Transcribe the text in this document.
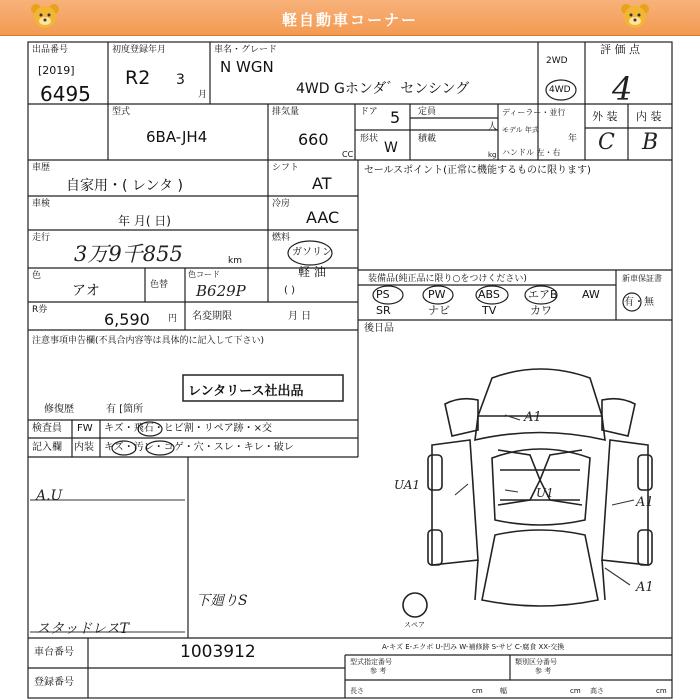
軽自動車コーナー
出品番号
[2019]
6495
初度登録年月
R2 3
月
車名・グレード
N WGN
4WD Gホンダ゛センシング
2WD
4WD
評 価 点
4
型式
6BA-JH4
排気量
660
CC
ドア 5 定員
人
形状
W
積載
kg
ディーラー・並行
モデル 年式
年
ハンドル 左・右
外 装 内 装
C B
車歴
自家用・( レンタ )
シフト
AT
車検
年 月( 日)
冷房
AAC
走行
3万9千855	km
燃料
ガソリン
軽 油
( )
色
アオ	色替
色コード
B629P
R券	6,590 円 名変期限	月 日
注意事項申告欄(不具合内容等は具体的に記入して下さい)
レンタリース社出品
修復歴	有 [箇所
検査員
記入欄
FW キズ・飛石・ヒビ割・リペア跡・×交
内装 キズ・汚レ・コゲ・穴・スレ・キレ・破レ
A.U
下廻りS
スタッドレスT
セールスポイント(正常に機能するものに限ります)
装備品(純正品に限り○をつけください)	新車保証書
有・無
PS	PW	ABS	エアB AW
SR	ナビ	TV	カワ
後日品
A1
UA1
U1
A1
A1
スペア
A-キズ E-エクボ U-凹み W-補修跡 S-サビ C-腐食 XX-交換
車台番号	1003912
登録番号
型式指定番号
参 考
類別区分番号
参 考
長さ	cm 幅	cm 高さ	cm
